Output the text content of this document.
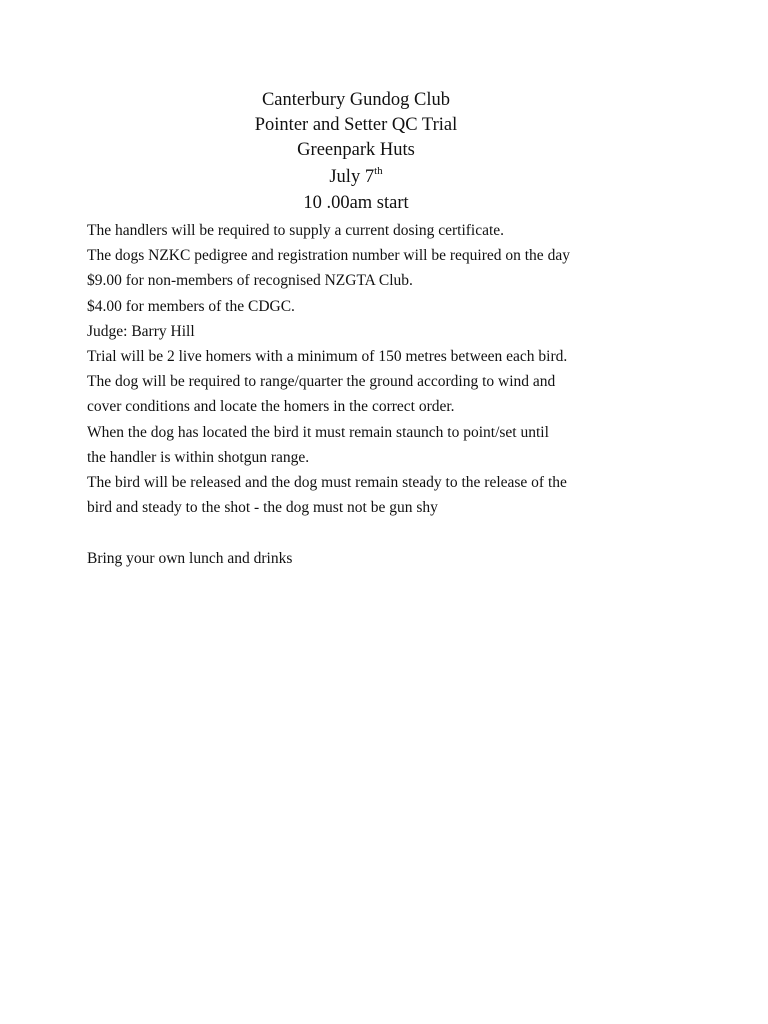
Canterbury Gundog Club
Pointer and Setter QC Trial
Greenpark Huts
July 7th
10 .00am start
The handlers will be required to supply a current dosing certificate.
The dogs NZKC pedigree and registration number will be required on the day
$9.00 for non-members of recognised NZGTA Club.
$4.00 for members of the CDGC.
Judge: Barry Hill
Trial will be 2 live homers with a minimum of 150 metres between each bird.
The dog will be required to range/quarter the ground according to wind and
cover conditions and locate the homers in the correct order.
When the dog has located the bird it must remain staunch to point/set until
the handler is within shotgun range.
The bird will be released and the dog must remain steady to the release of the
bird and steady to the shot - the dog must not be gun shy
Bring your own lunch and drinks
